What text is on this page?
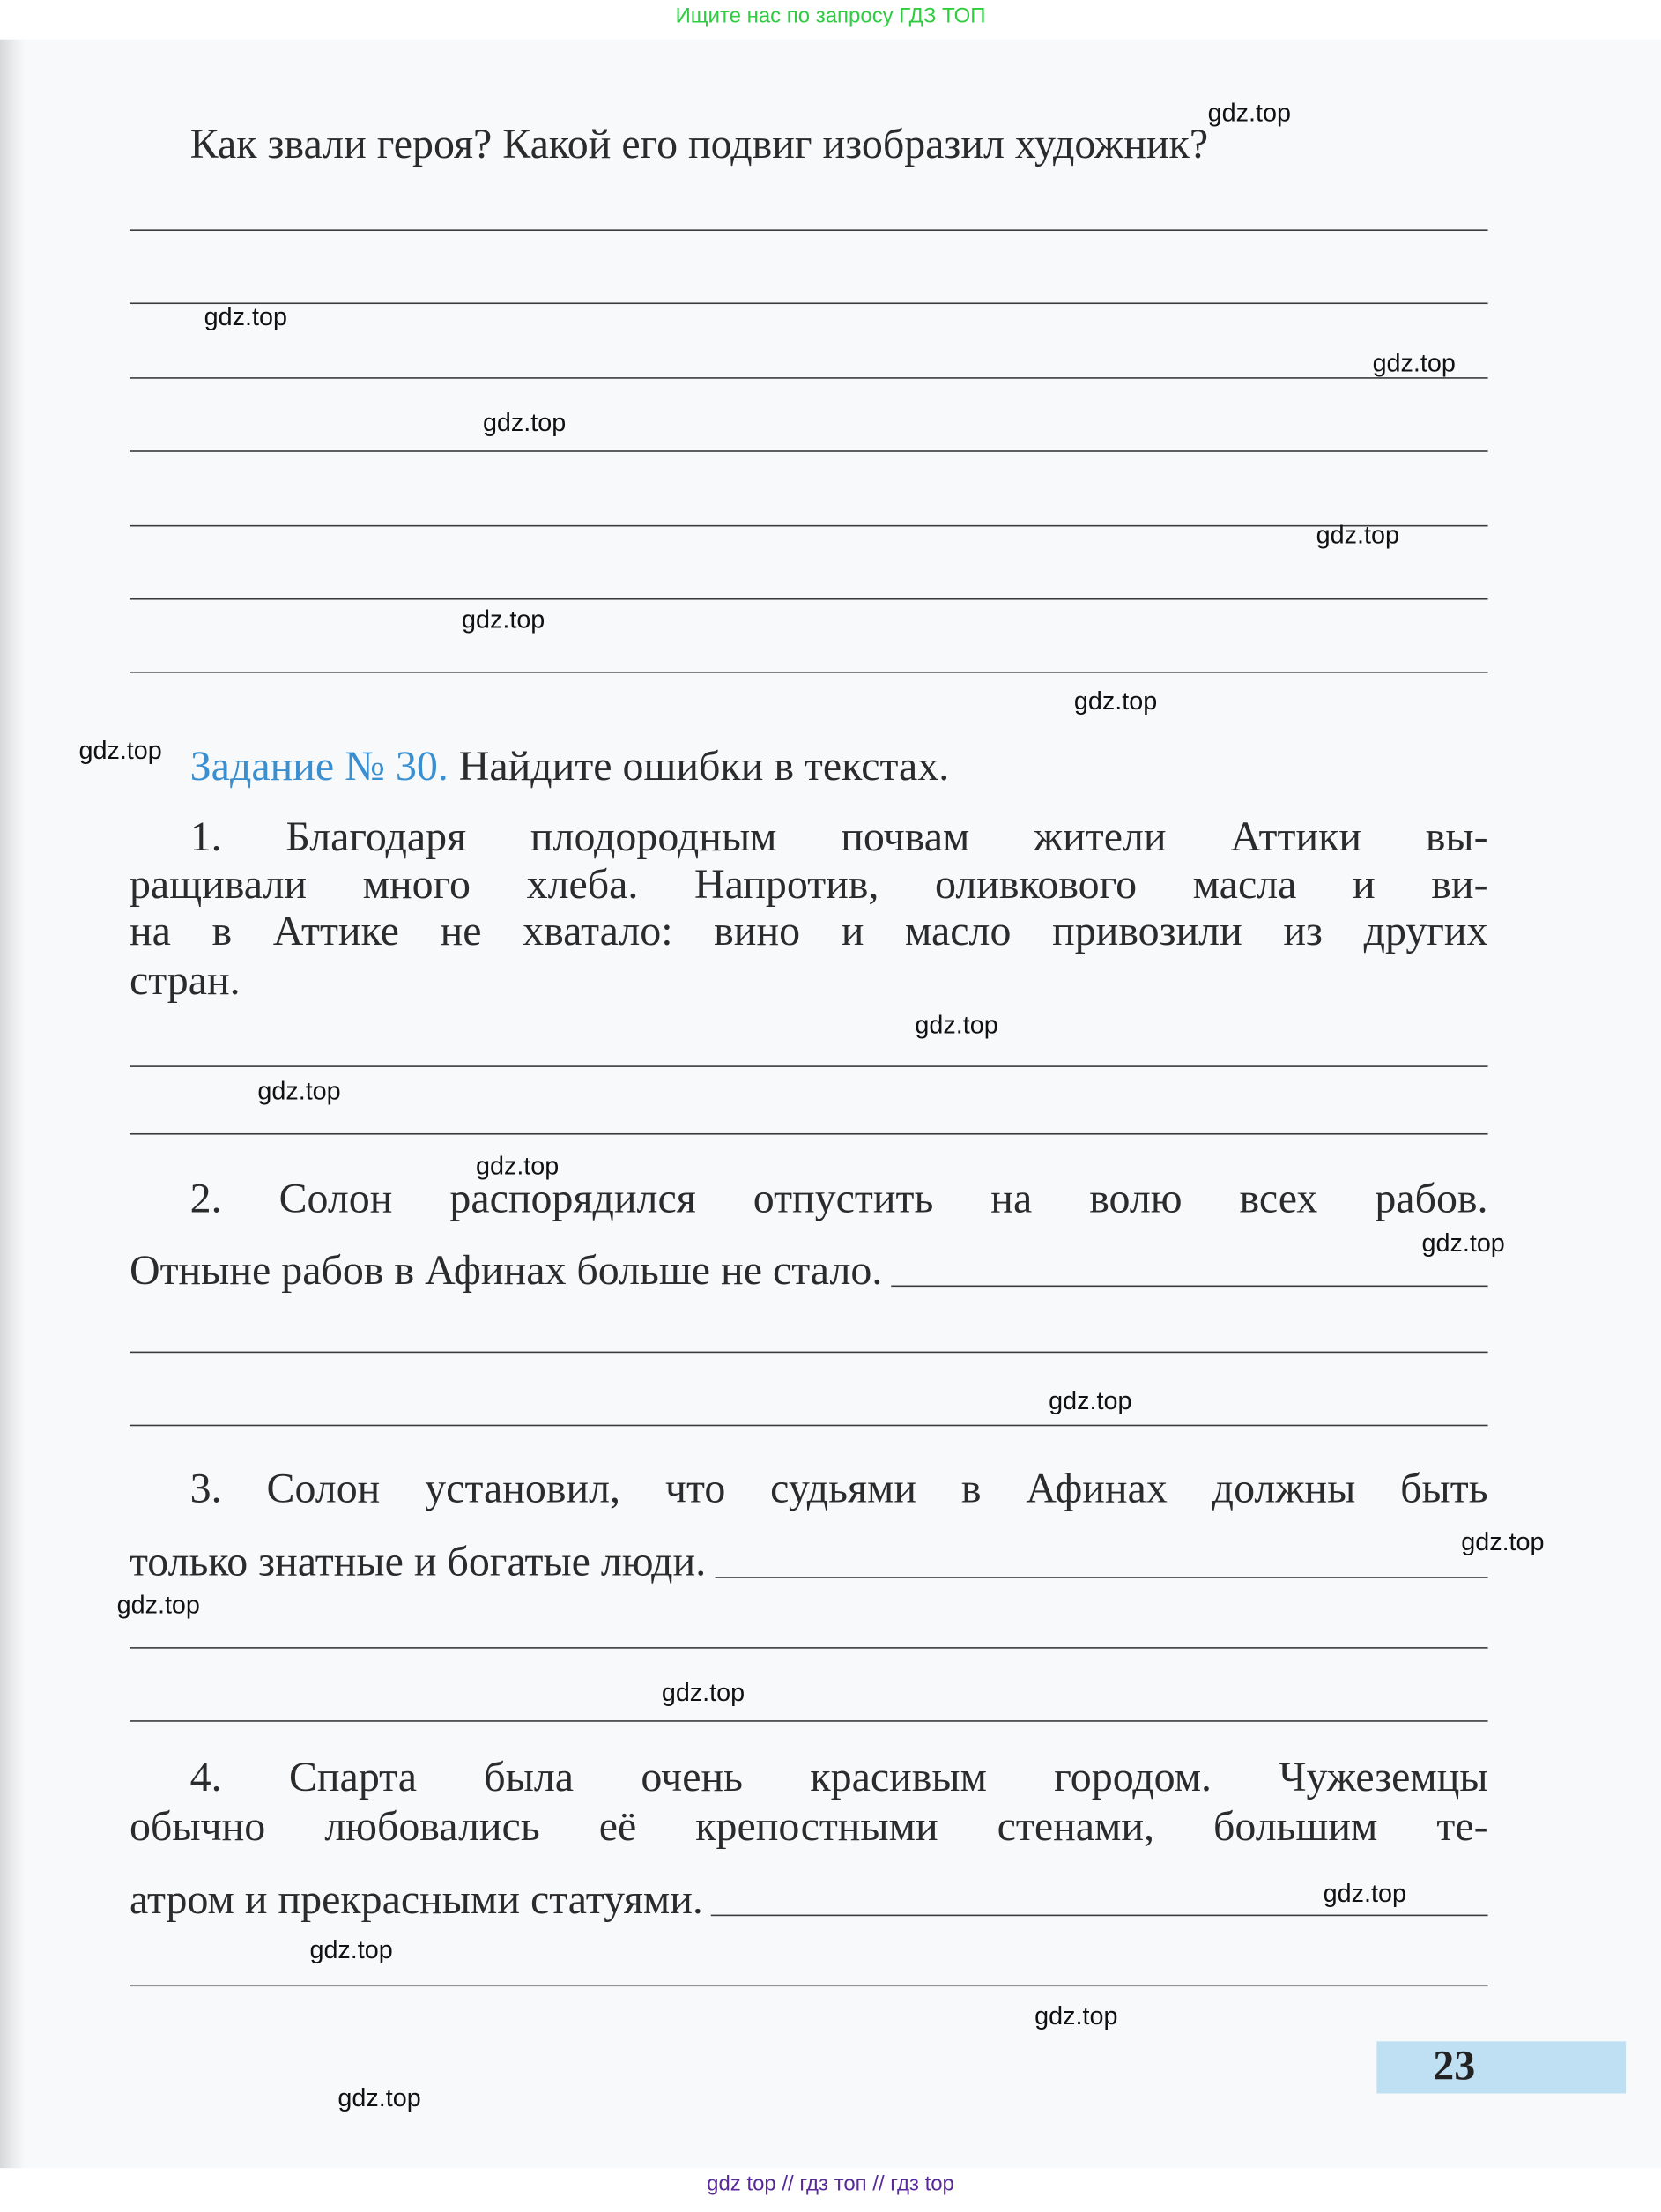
Ищите нас по запросу ГДЗ ТОП
Как звали героя? Какой его подвиг изобразил художник?
Задание № 30. Найдите ошибки в текстах.
1. Благодаря плодородным почвам жители Аттики вы-
ращивали много хлеба. Напротив, оливкового масла и ви-
на в Аттике не хватало: вино и масло привозили из других
стран.
2. Солон распорядился отпустить на волю всех рабов.
Отныне рабов в Афинах больше не стало.
3. Солон установил, что судьями в Афинах должны быть
только знатные и богатые люди.
4. Спарта была очень красивым городом. Чужеземцы
обычно любовались её крепостными стенами, большим те-
атром и прекрасными статуями.
23
gdz.top
gdz.top
gdz.top
gdz.top
gdz.top
gdz.top
gdz.top
gdz.top
gdz.top
gdz.top
gdz.top
gdz.top
gdz.top
gdz.top
gdz.top
gdz.top
gdz.top
gdz.top
gdz.top
gdz.top
gdz top // гдз топ // гдз top
